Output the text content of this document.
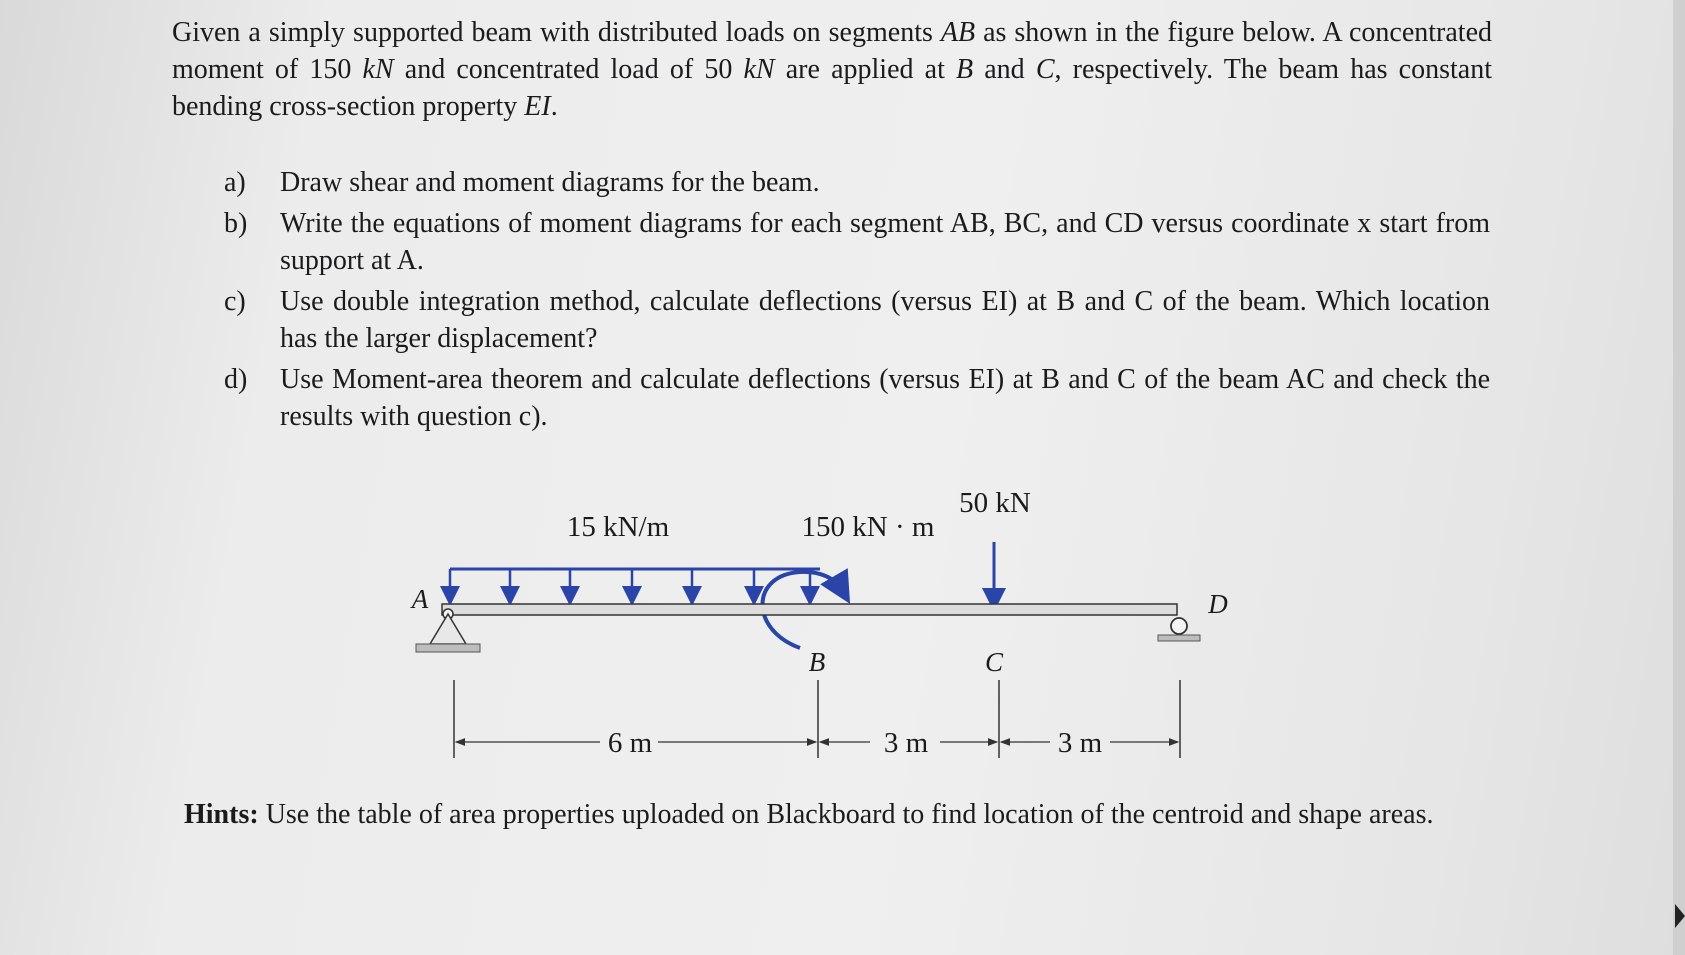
Given a simply supported beam with distributed loads on segments AB as shown in the figure below. A concentrated moment of 150 kN and concentrated load of 50 kN are applied at B and C, respectively. The beam has constant bending cross-section property EI.
a) Draw shear and moment diagrams for the beam.
b) Write the equations of moment diagrams for each segment AB, BC, and CD versus coordinate x start from support at A.
c) Use double integration method, calculate deflections (versus EI) at B and C of the beam. Which location has the larger displacement?
d) Use Moment-area theorem and calculate deflections (versus EI) at B and C of the beam AC and check the results with question c).
15 kN/m	150 kN · m
50 kN
A
B	C
D
6 m	3 m	3 m
Hints: Use the table of area properties uploaded on Blackboard to find location of the centroid and shape areas.
